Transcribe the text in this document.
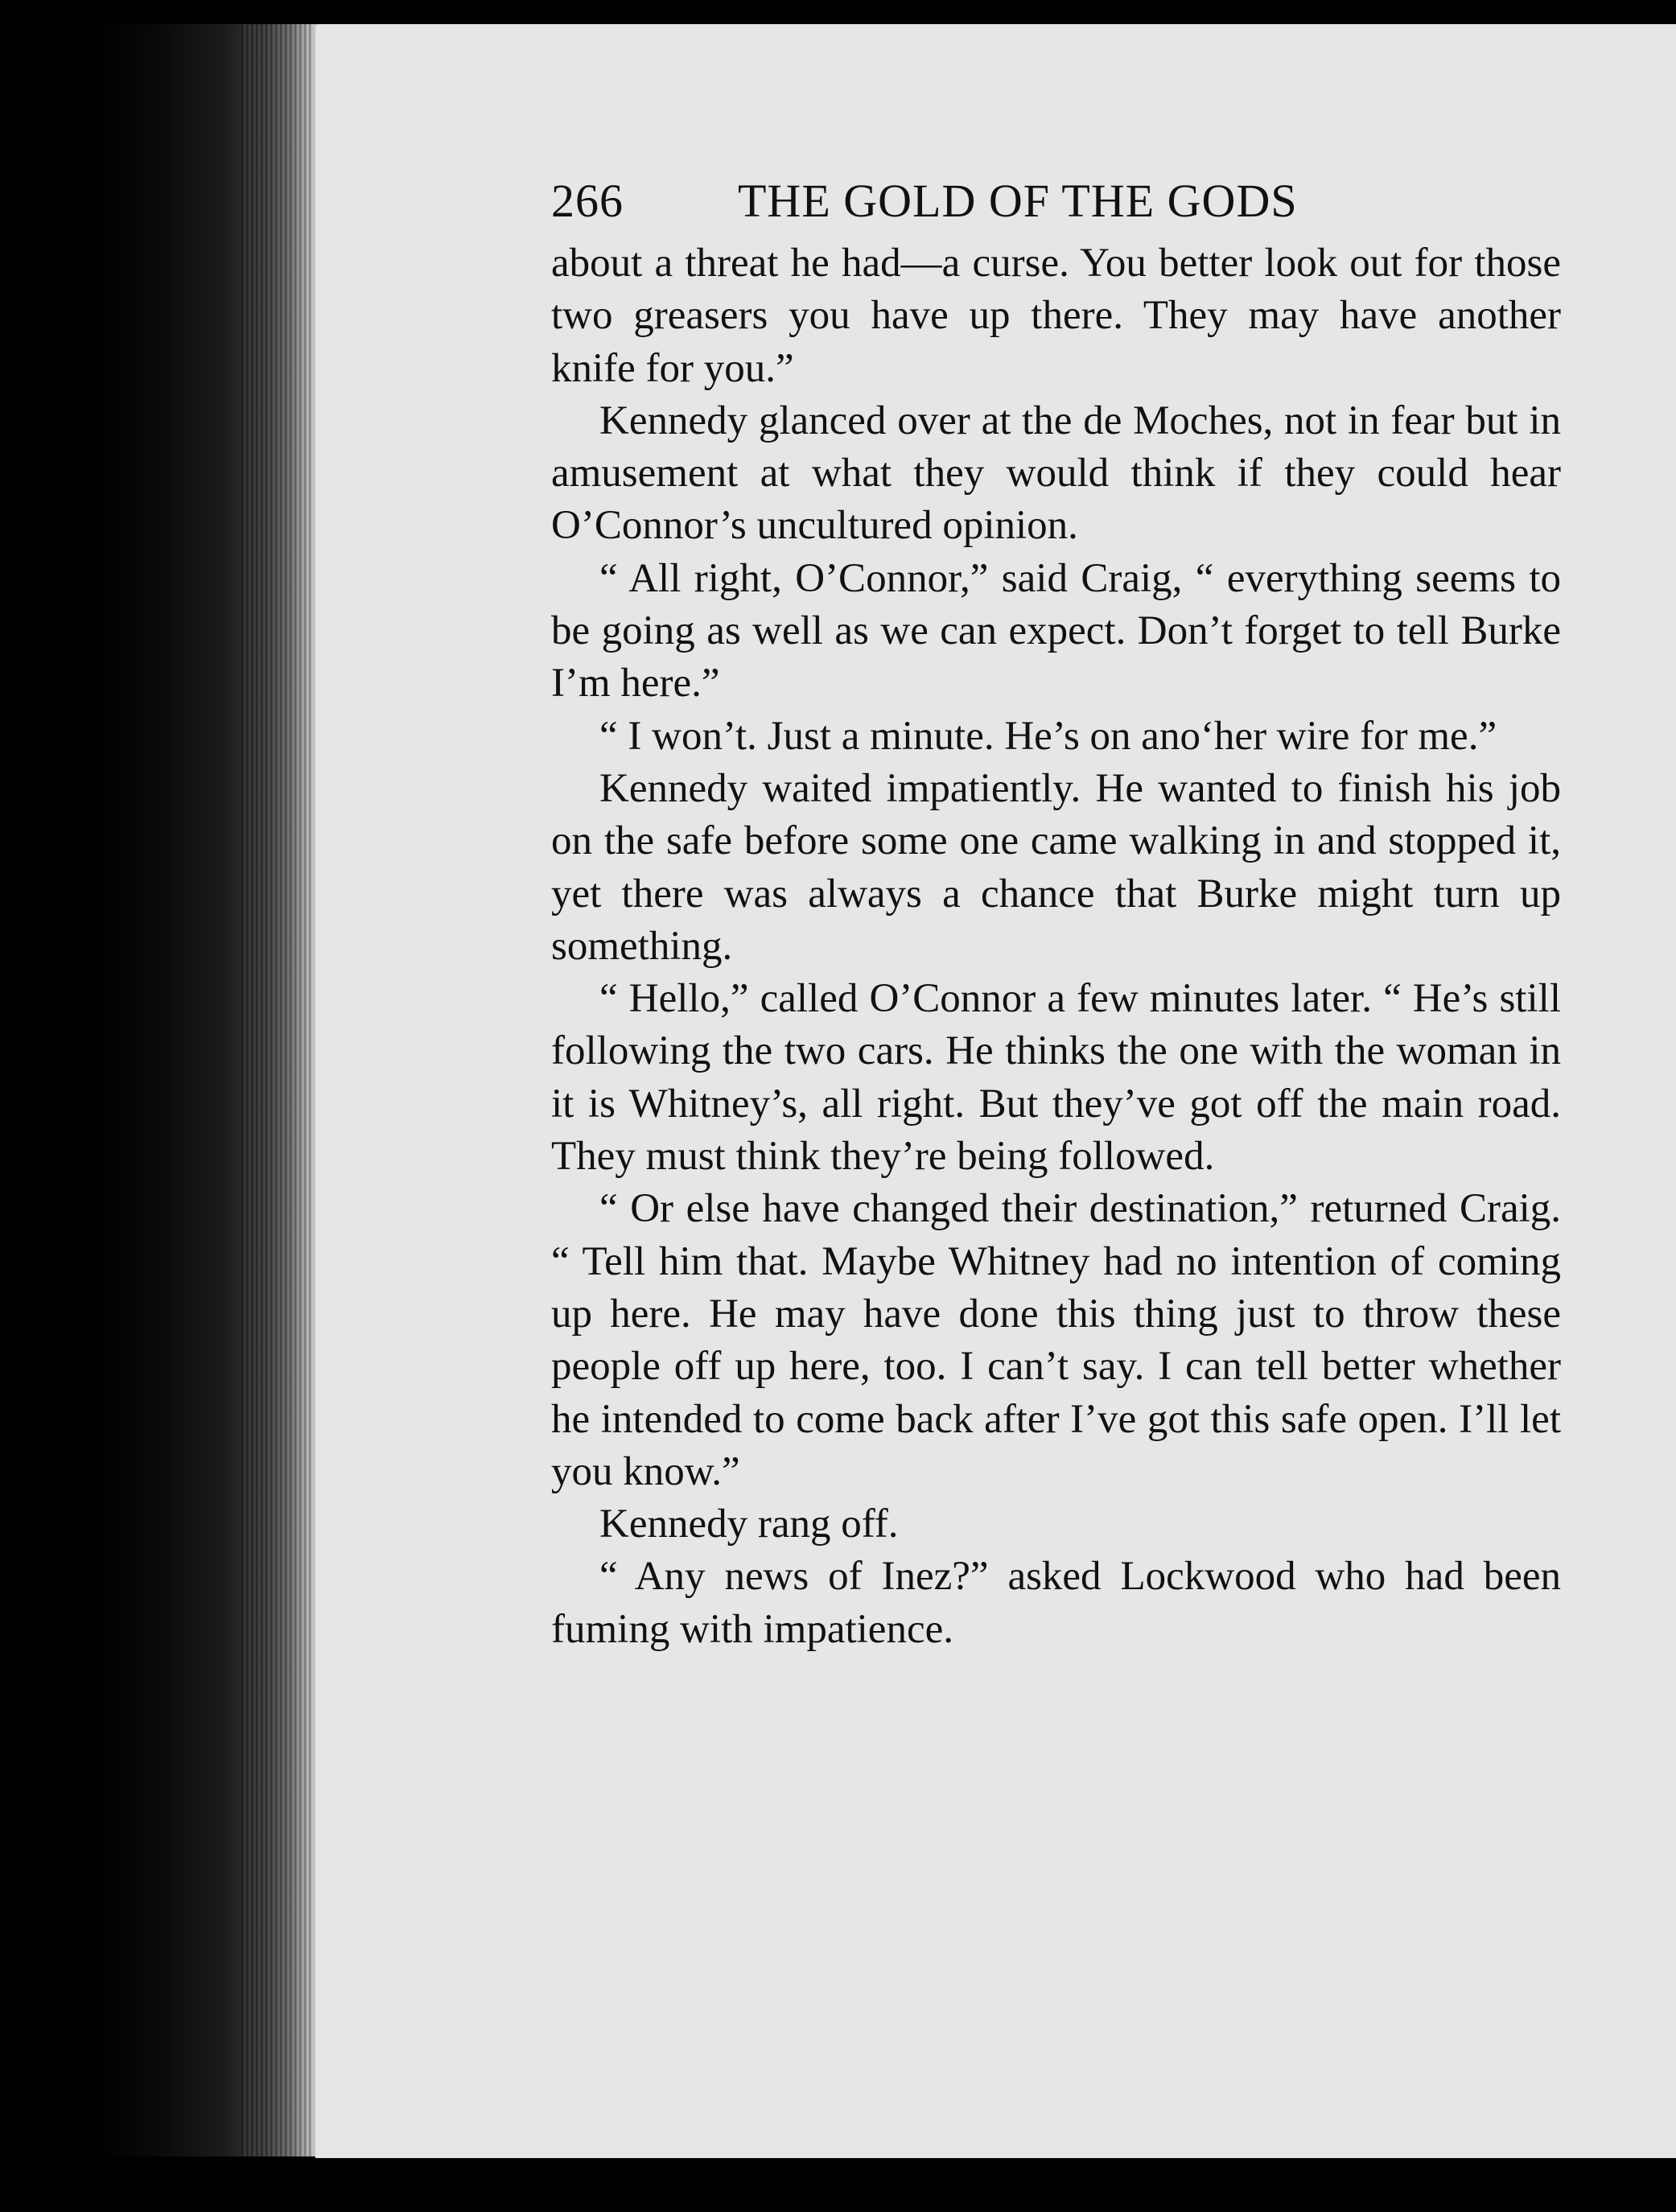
266 THE GOLD OF THE GODS

about a threat he had—a curse. You better look out for those two greasers you have up there. They may have another knife for you.”

Kennedy glanced over at the de Moches, not in fear but in amusement at what they would think if they could hear O’Connor’s uncultured opinion.

“ All right, O’Connor,” said Craig, “ everything seems to be going as well as we can expect. Don’t forget to tell Burke I’m here.”

“ I won’t. Just a minute. He’s on ano‘her wire for me.”

Kennedy waited impatiently. He wanted to finish his job on the safe before some one came walking in and stopped it, yet there was always a chance that Burke might turn up something.

“ Hello,” called O’Connor a few minutes later. “ He’s still following the two cars. He thinks the one with the woman in it is Whitney’s, all right. But they’ve got off the main road. They must think they’re being followed.

“ Or else have changed their destination,” returned Craig. “ Tell him that. Maybe Whitney had no intention of coming up here. He may have done this thing just to throw these people off up here, too. I can’t say. I can tell better whether he intended to come back after I’ve got this safe open. I’ll let you know.”

Kennedy rang off.

“ Any news of Inez?” asked Lockwood who had been fuming with impatience.
